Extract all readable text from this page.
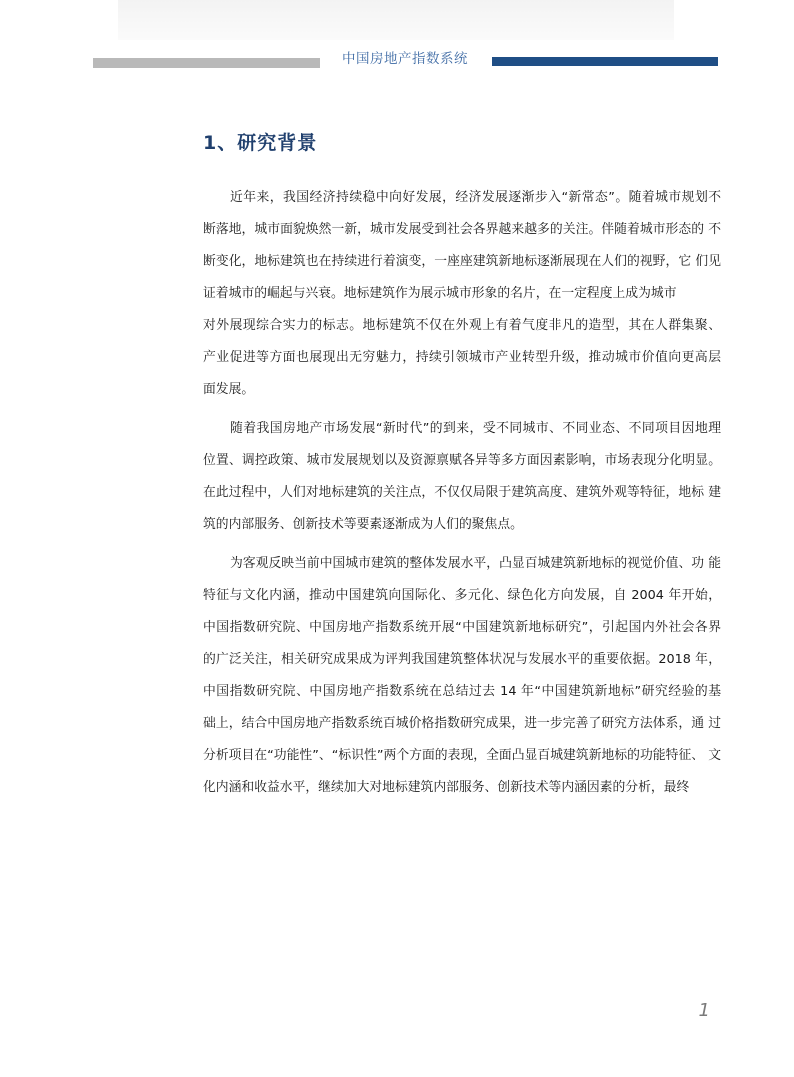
中国房地产指数系统
1、研究背景
近年来，我国经济持续稳中向好发展，经济发展逐渐步入“新常态”。随着城市规划不
断落地，城市面貌焕然一新，城市发展受到社会各界越来越多的关注。伴随着城市形态的 不
断变化，地标建筑也在持续进行着演变，一座座建筑新地标逐渐展现在人们的视野，它 们见
证着城市的崛起与兴衰。地标建筑作为展示城市形象的名片，在一定程度上成为城市
对外展现综合实力的标志。地标建筑不仅在外观上有着气度非凡的造型，其在人群集聚、
产业促进等方面也展现出无穷魅力，持续引领城市产业转型升级，推动城市价值向更高层
面发展。
随着我国房地产市场发展“新时代”的到来，受不同城市、不同业态、不同项目因地理
位置、调控政策、城市发展规划以及资源禀赋各异等多方面因素影响，市场表现分化明显。
在此过程中，人们对地标建筑的关注点，不仅仅局限于建筑高度、建筑外观等特征，地标 建
筑的内部服务、创新技术等要素逐渐成为人们的聚焦点。
为客观反映当前中国城市建筑的整体发展水平，凸显百城建筑新地标的视觉价值、功 能
特征与文化内涵，推动中国建筑向国际化、多元化、绿色化方向发展，自 2004 年开始，
中国指数研究院、中国房地产指数系统开展“中国建筑新地标研究”，引起国内外社会各界
的广泛关注，相关研究成果成为评判我国建筑整体状况与发展水平的重要依据。2018 年，
中国指数研究院、中国房地产指数系统在总结过去 14 年“中国建筑新地标”研究经验的基
础上，结合中国房地产指数系统百城价格指数研究成果，进一步完善了研究方法体系，通 过
分析项目在“功能性”、“标识性”两个方面的表现，全面凸显百城建筑新地标的功能特征、 文
化内涵和收益水平，继续加大对地标建筑内部服务、创新技术等内涵因素的分析，最终
1
